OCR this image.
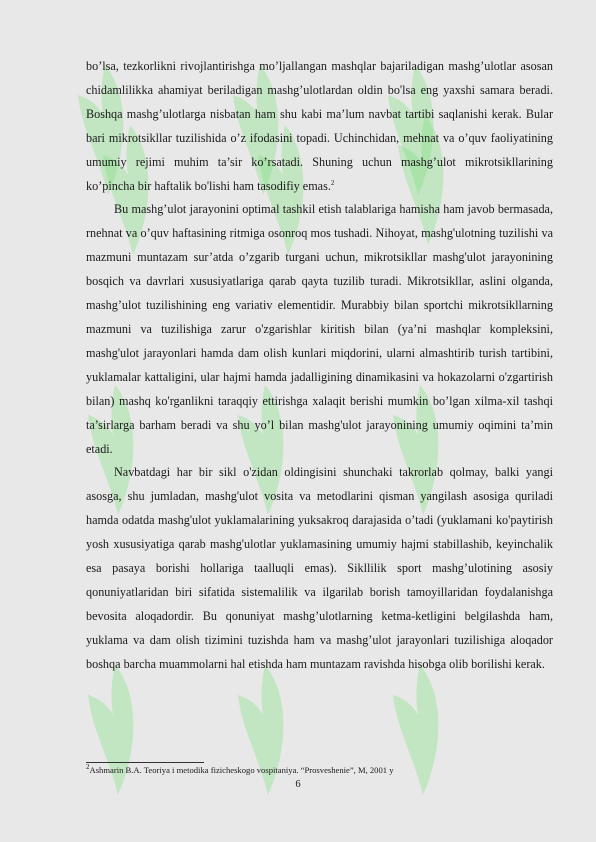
bo’lsa, tezkorlikni rivojlantirishga mo’ljallangan mashqlar bajariladigan mashg’ulotlar asosan chidamlilikka ahamiyat beriladigan mashg’ulotlardan oldin bo'lsa eng yaxshi samara beradi. Boshqa mashg’ulotlarga nisbatan ham shu kabi ma’lum navbat tartibi saqlanishi kerak. Bular bari mikrotsikllar tuzilishida o’z ifodasini topadi. Uchinchidan, mehnat va o’quv faoliyatining umumiy rejimi muhim ta’sir ko’rsatadi. Shuning uchun mashg’ulot mikrotsikllarining ko’pincha bir haftalik bo'lishi ham tasodifiy emas.$^2$

Bu mashg’ulot jarayonini optimal tashkil etish talablariga hamisha ham javob bermasada, rnehnat va o’quv haftasining ritmiga osonroq mos tushadi. Nihoyat, mashg'ulotning tuzilishi va mazmuni muntazam sur’atda o’zgarib turgani uchun, mikrotsikllar mashg'ulot jarayonining bosqich va davrlari xususiyatlariga qarab qayta tuzilib turadi. Mikrotsikllar, aslini olganda, mashg’ulot tuzilishining eng variativ elementidir. Murabbiy bilan sportchi mikrotsikllarning mazmuni va tuzilishiga zarur o'zgarishlar kiritish bilan (ya’ni mashqlar kompleksini, mashg'ulot jarayonlari hamda dam olish kunlari miqdorini, ularni almashtirib turish tartibini, yuklamalar kattaligini, ular hajmi hamda jadalligining dinamikasini va hokazolarni o'zgartirish bilan) mashq ko'rganlikni taraqqiy ettirishga xalaqit berishi mumkin bo’lgan xilma-xil tashqi ta’sirlarga barham beradi va shu yo’l bilan mashg'ulot jarayonining umumiy oqimini ta’min etadi.

Navbatdagi har bir sikl o'zidan oldingisini shunchaki takrorlab qolmay, balki yangi asosga, shu jumladan, mashg'ulot vosita va metodlarini qisman yangilash asosiga quriladi hamda odatda mashg'ulot yuklamalarining yuksakroq darajasida o’tadi (yuklamani ko'paytirish yosh xususiyatiga qarab mashg'ulotlar yuklamasining umumiy hajmi stabillashib, keyinchalik esa pasaya borishi hollariga taalluqli emas). Sikllilik sport mashg’ulotining asosiy qonuniyatlaridan biri sifatida sistemalilik va ilgarilab borish tamoyillaridan foydalanishga bevosita aloqadordir. Bu qonuniyat mashg’ulotlarning ketma-ketligini belgilashda ham, yuklama va dam olish tizimini tuzishda ham va mashg’ulot jarayonlari tuzilishiga aloqador boshqa barcha muammolarni hal etishda ham muntazam ravishda hisobga olib borilishi kerak.

$^2$Ashmarin B.A. Teoriya i metodika fizicheskogo vospitaniya. “Prosveshenie”, M, 2001 y
6
